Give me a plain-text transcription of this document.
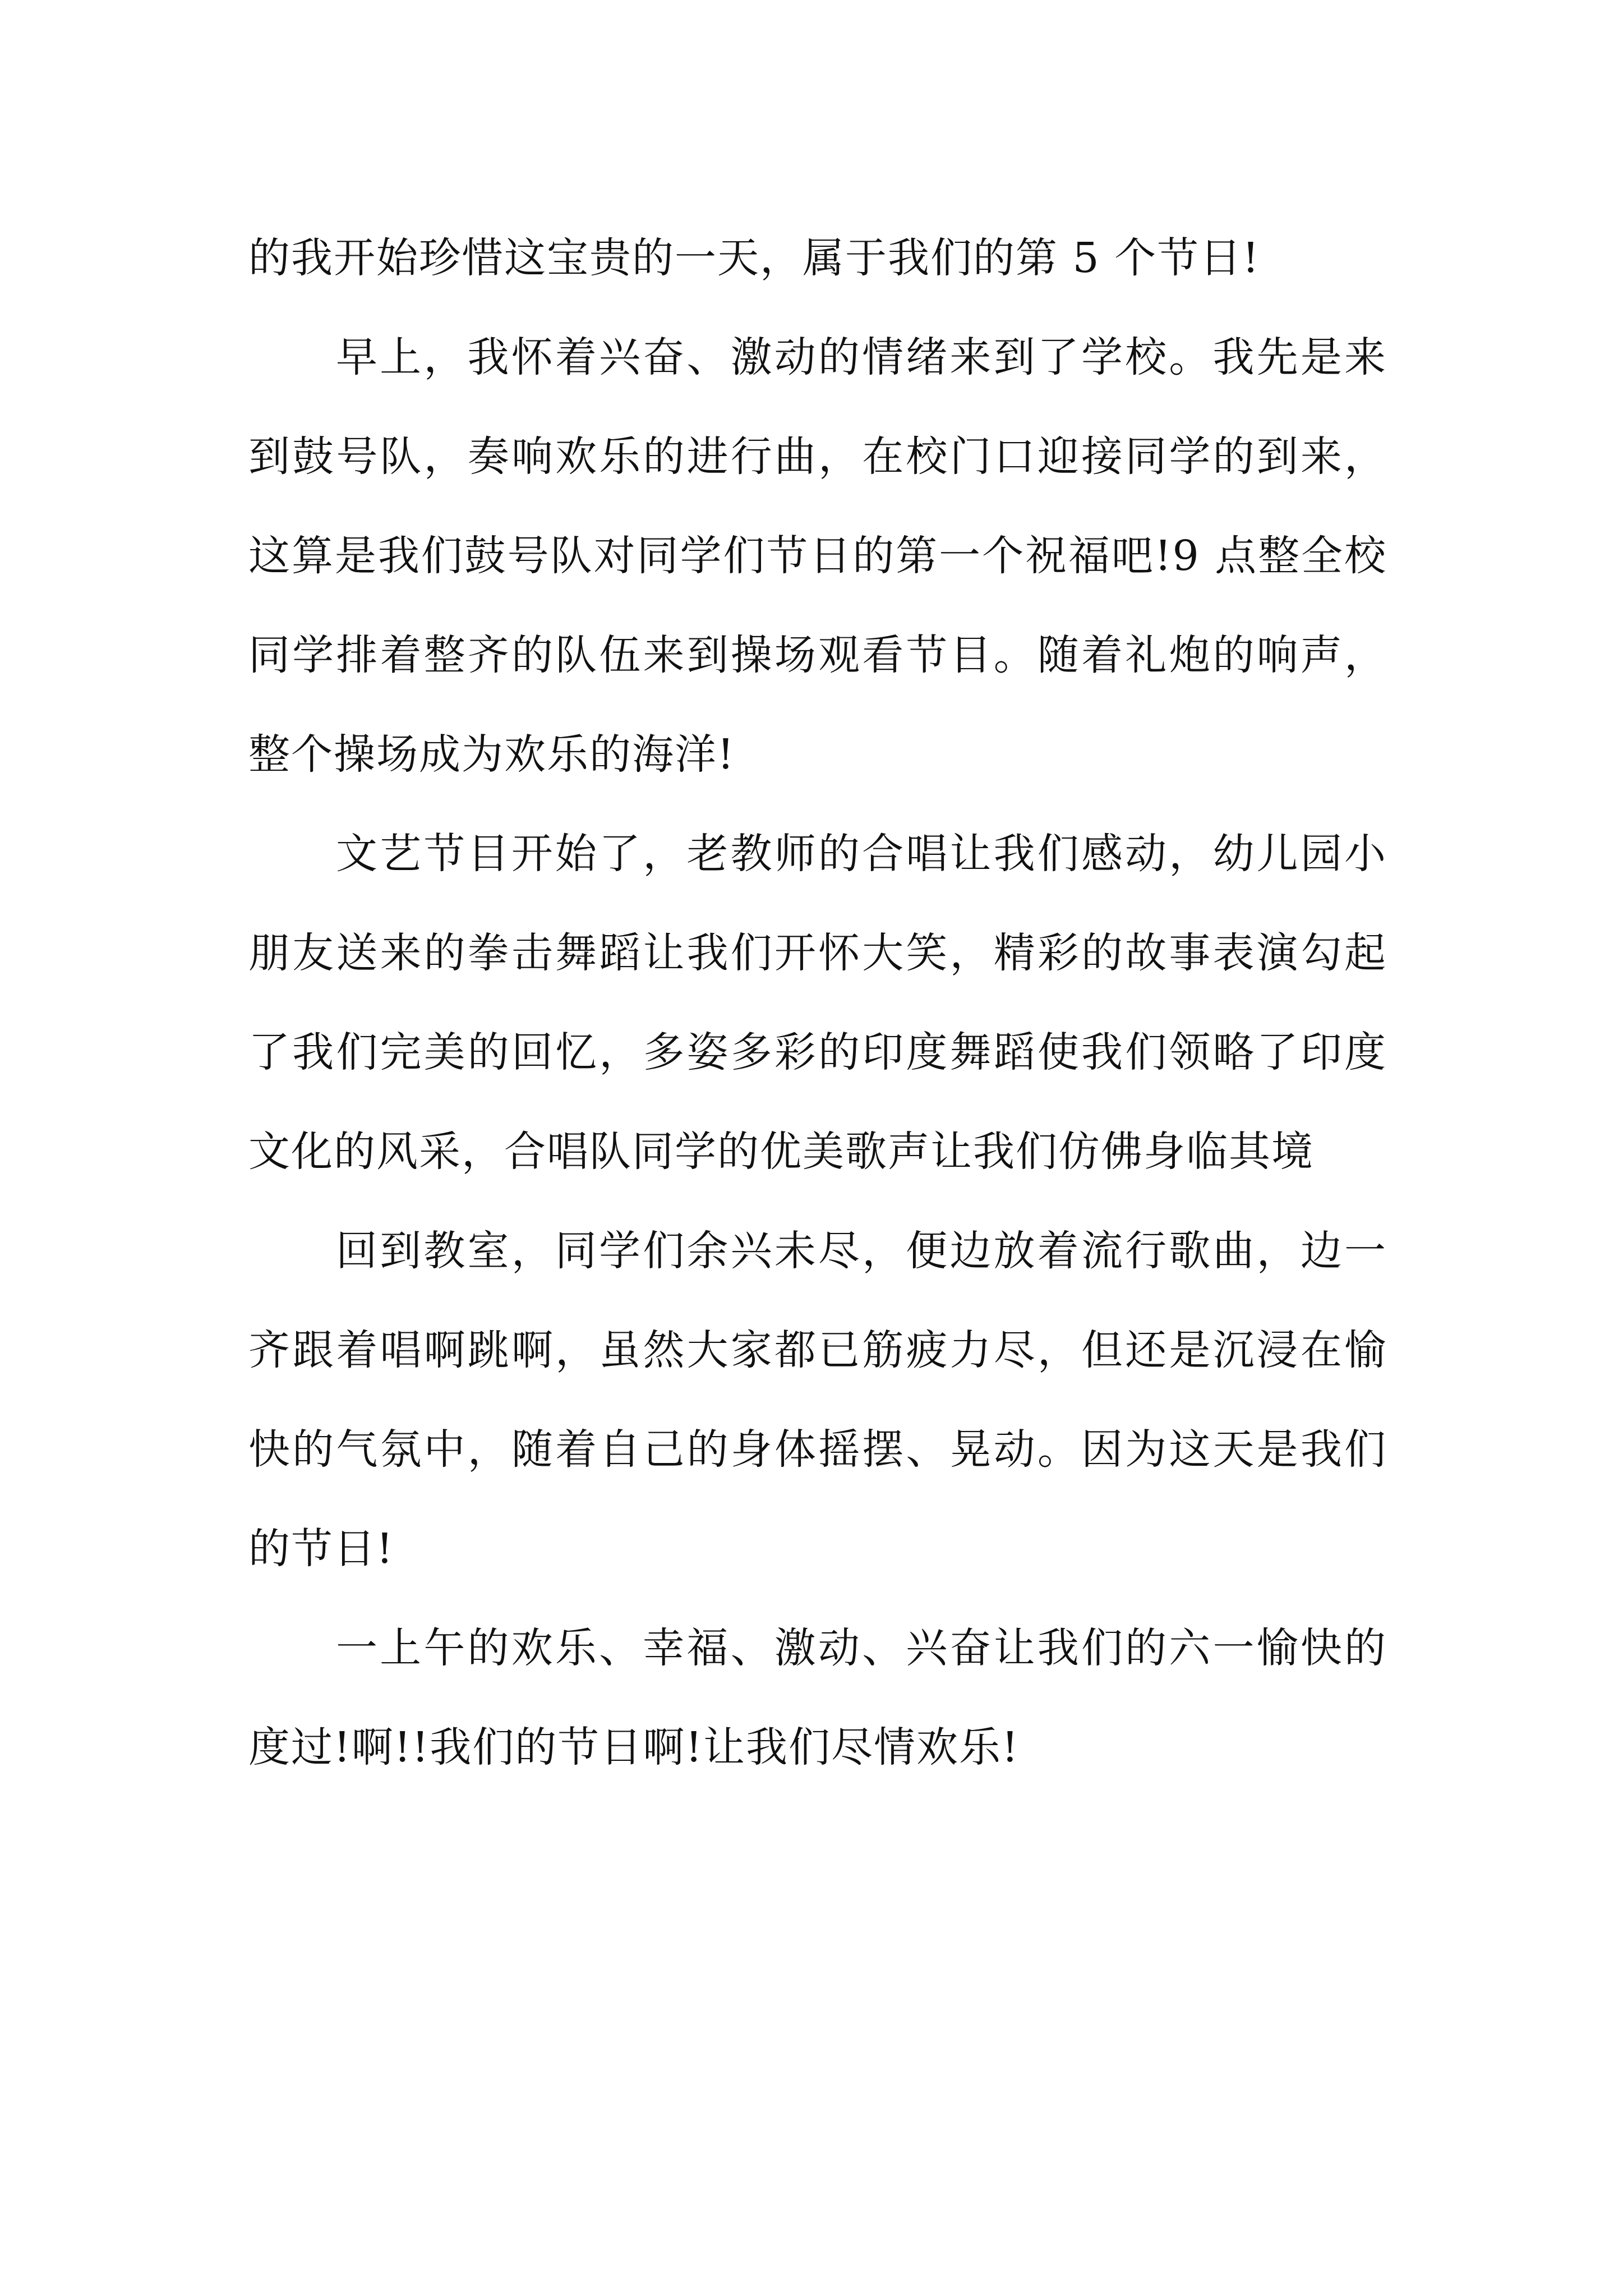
的我开始珍惜这宝贵的一天，属于我们的第 5 个节日!

早上，我怀着兴奋、激动的情绪来到了学校。我先是来到鼓号队，奏响欢乐的进行曲，在校门口迎接同学的到来，这算是我们鼓号队对同学们节日的第一个祝福吧!9 点整全校同学排着整齐的队伍来到操场观看节目。随着礼炮的响声，整个操场成为欢乐的海洋!

文艺节目开始了，老教师的合唱让我们感动，幼儿园小朋友送来的拳击舞蹈让我们开怀大笑，精彩的故事表演勾起了我们完美的回忆，多姿多彩的印度舞蹈使我们领略了印度文化的风采，合唱队同学的优美歌声让我们仿佛身临其境

回到教室，同学们余兴未尽，便边放着流行歌曲，边一齐跟着唱啊跳啊，虽然大家都已筋疲力尽，但还是沉浸在愉快的气氛中，随着自己的身体摇摆、晃动。因为这天是我们的节日!

一上午的欢乐、幸福、激动、兴奋让我们的六一愉快的度过!啊!!我们的节日啊!让我们尽情欢乐!
